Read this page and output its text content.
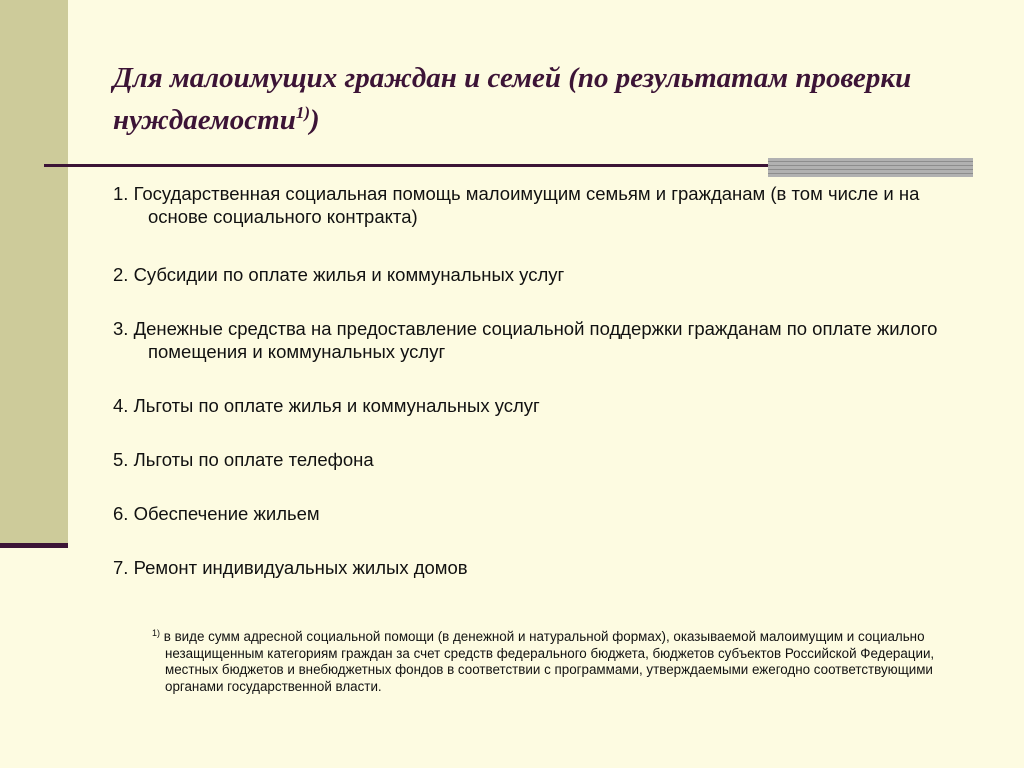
Для малоимущих граждан и семей (по результатам проверки нуждаемости$^{1)}$)
1. Государственная социальная помощь малоимущим семьям и гражданам (в том числе и на основе социального контракта)
2. Субсидии по оплате жилья и коммунальных услуг
3. Денежные средства на предоставление социальной поддержки гражданам по оплате жилого помещения и коммунальных услуг
4. Льготы по оплате жилья и коммунальных услуг
5. Льготы по оплате телефона
6. Обеспечение жильем
7. Ремонт индивидуальных жилых домов

$^{1)}$ в виде сумм адресной социальной помощи (в денежной и натуральной формах), оказываемой малоимущим и социально незащищенным категориям граждан за счет средств федерального бюджета, бюджетов субъектов Российской Федерации, местных бюджетов и внебюджетных фондов в соответствии с программами, утверждаемыми ежегодно соответствующими органами государственной власти.
